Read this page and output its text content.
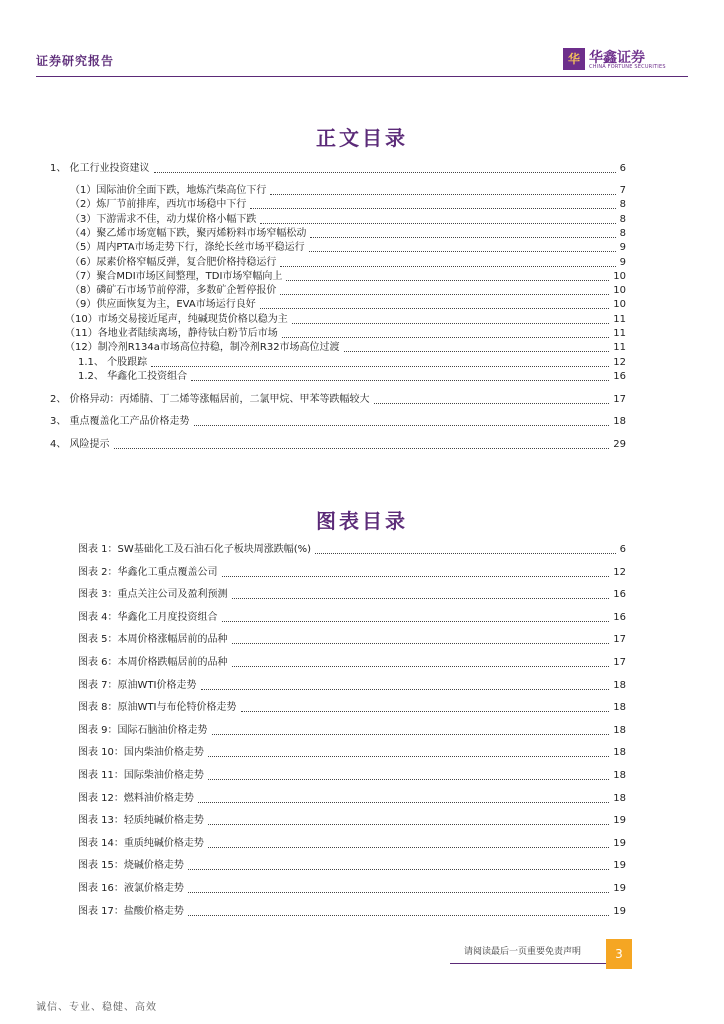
证券研究报告	华 华鑫证券
CHINA FORTUNE SECURITIES
正文目录
1、 化工行业投资建议	6
（1）国际油价全面下跌，地炼汽柴高位下行	7
（2）炼厂节前排库，西坑市场稳中下行	8
（3）下游需求不佳，动力煤价格小幅下跌	8
（4）聚乙烯市场宽幅下跌，聚丙烯粉料市场窄幅松动	8
（5）周内PTA市场走势下行，涤纶长丝市场平稳运行	9
（6）尿素价格窄幅反弹，复合肥价格持稳运行	9
（7）聚合MDI市场区间整理，TDI市场窄幅向上	10
（8）磷矿石市场节前停滞，多数矿企暂停报价	10
（9）供应面恢复为主，EVA市场运行良好	10
（10）市场交易接近尾声，纯碱现货价格以稳为主	11
（11）各地业者陆续离场，静待钛白粉节后市场	11
（12）制冷剂R134a市场高位持稳，制冷剂R32市场高位过渡	11
1.1、 个股跟踪	12
1.2、 华鑫化工投资组合	16
2、 价格异动：丙烯腈、丁二烯等涨幅居前，二氯甲烷、甲苯等跌幅较大	17
3、 重点覆盖化工产品价格走势	18
4、 风险提示	29
图表目录
图表 1：SW基础化工及石油石化子板块周涨跌幅(%)	6
图表 2：华鑫化工重点覆盖公司	12
图表 3：重点关注公司及盈利预测	16
图表 4：华鑫化工月度投资组合	16
图表 5：本周价格涨幅居前的品种	17
图表 6：本周价格跌幅居前的品种	17
图表 7：原油WTI价格走势	18
图表 8：原油WTI与布伦特价格走势	18
图表 9：国际石脑油价格走势	18
图表 10：国内柴油价格走势	18
图表 11：国际柴油价格走势	18
图表 12：燃料油价格走势	18
图表 13：轻质纯碱价格走势	19
图表 14：重质纯碱价格走势	19
图表 15：烧碱价格走势	19
图表 16：液氯价格走势	19
图表 17：盐酸价格走势	19
请阅读最后一页重要免责声明	3
诚信、专业、稳健、高效
